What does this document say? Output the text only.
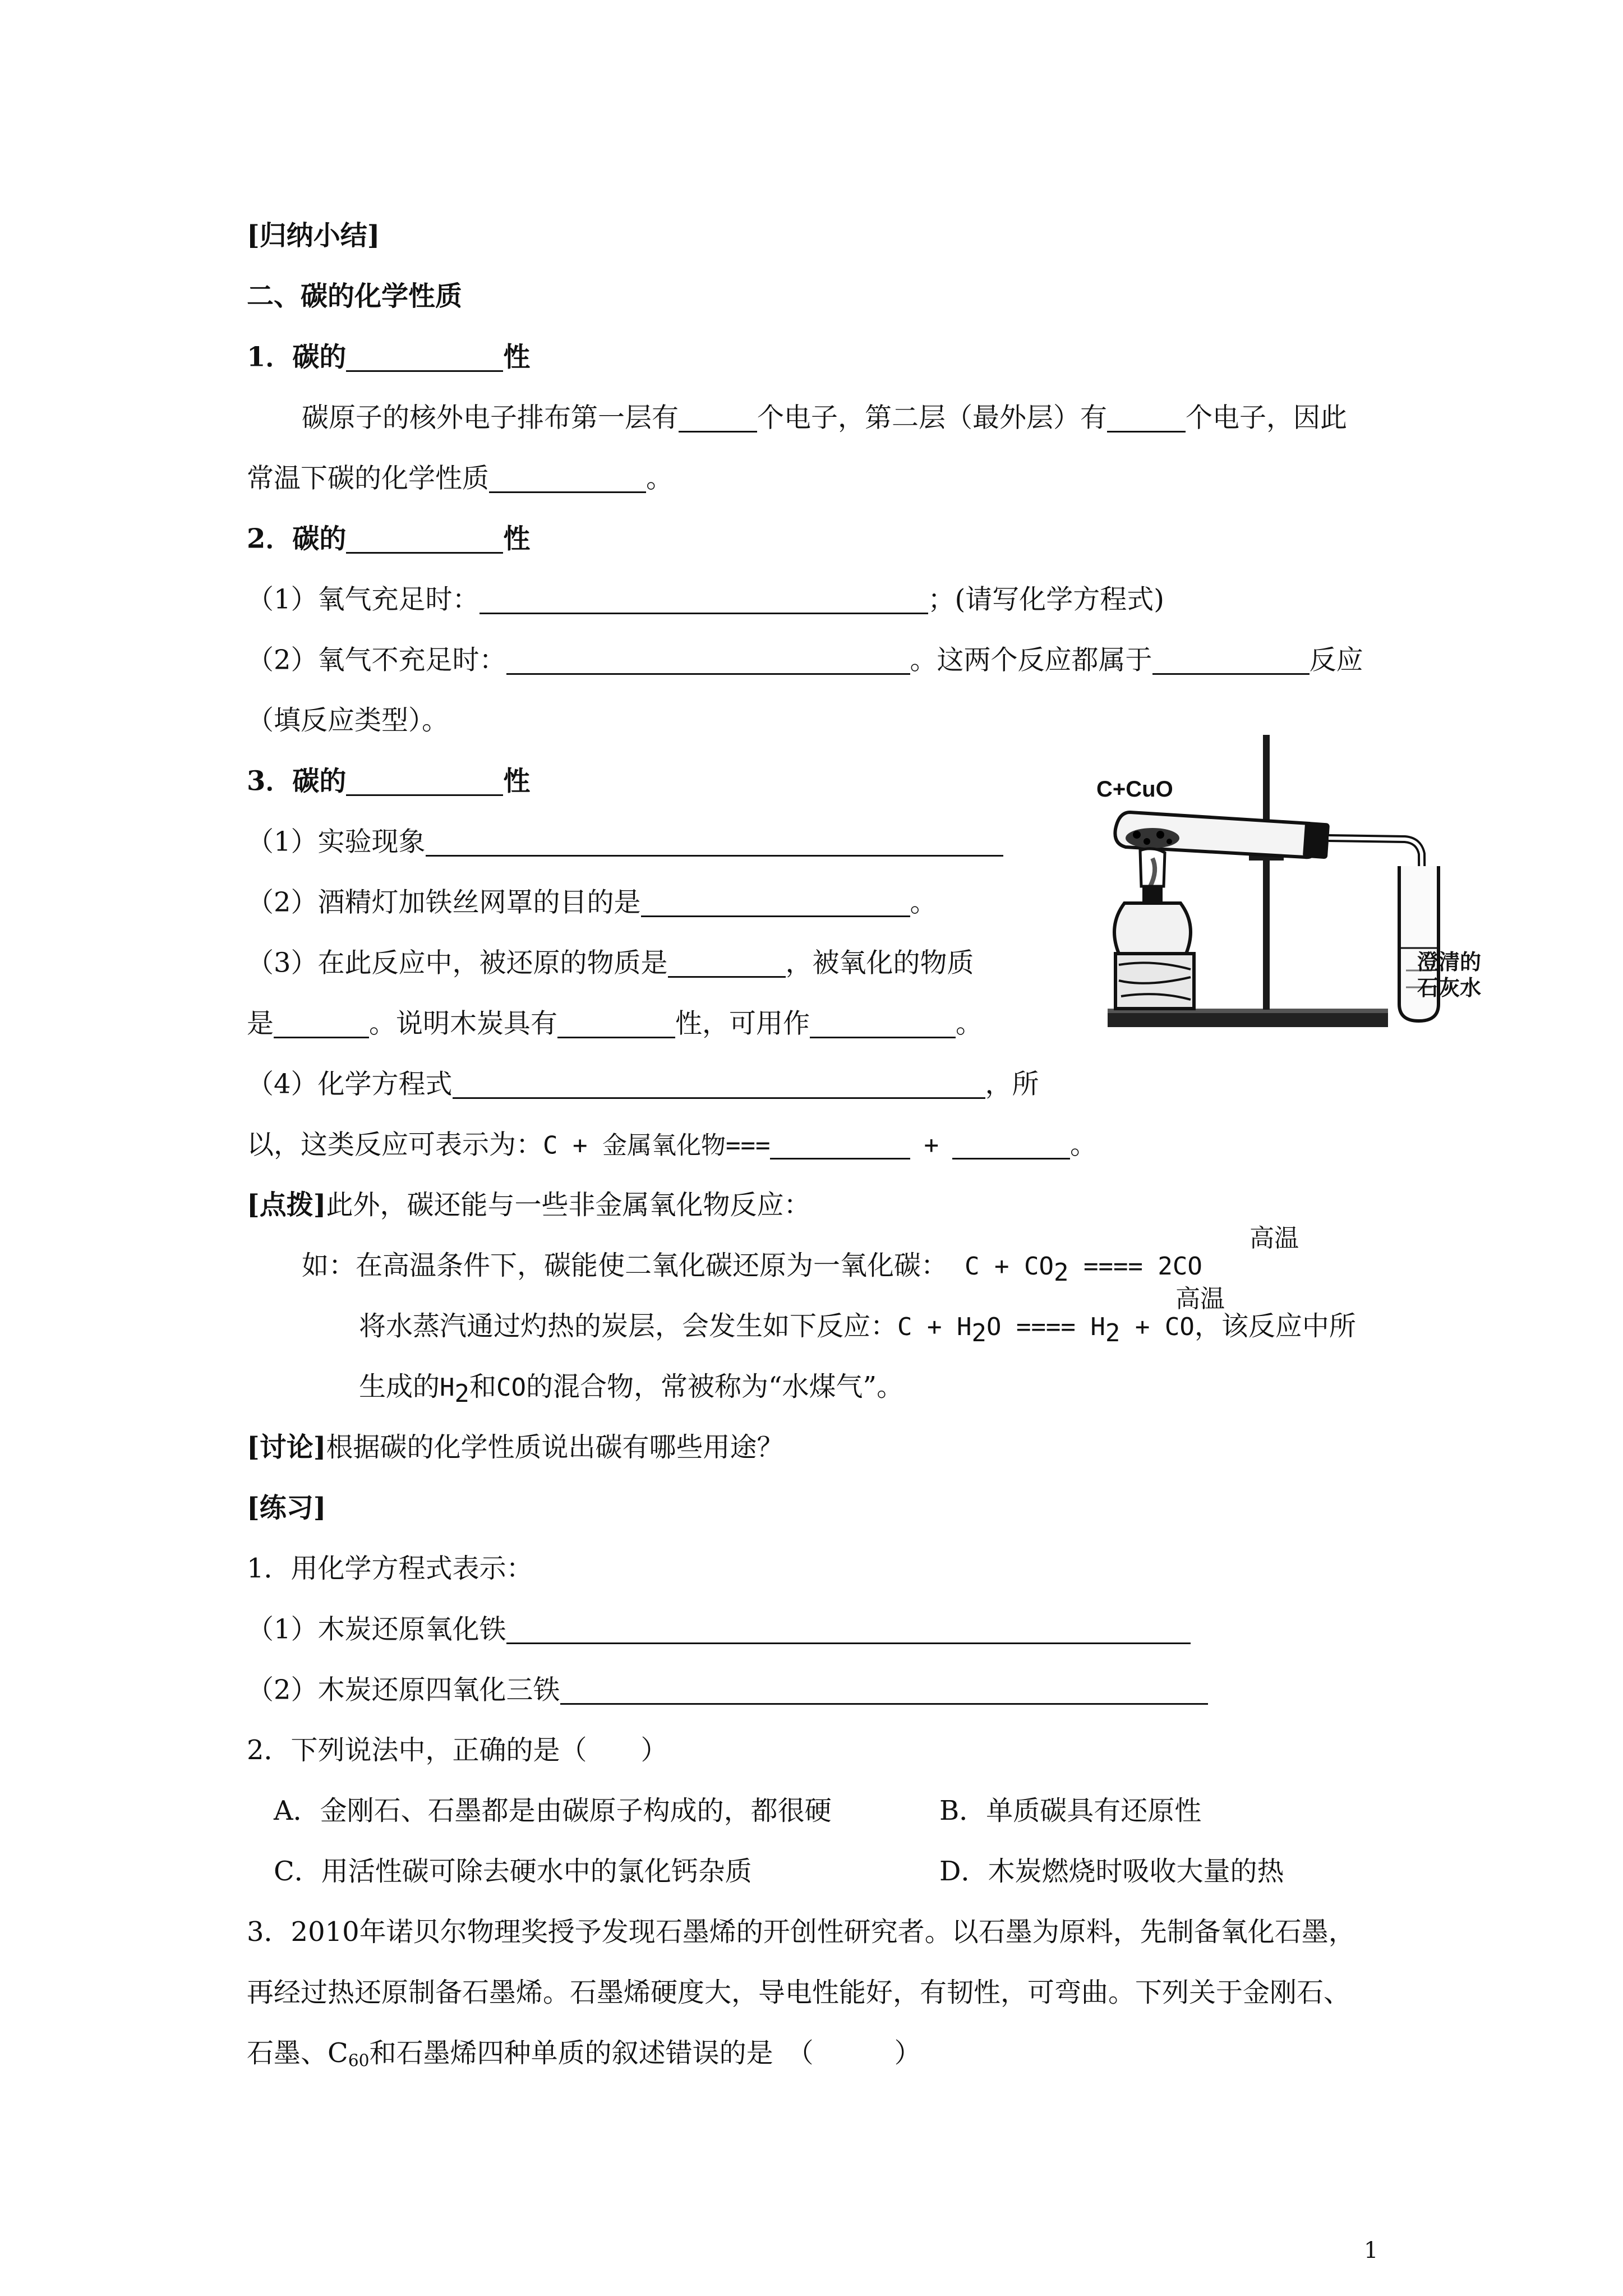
[归纳小结]
二、碳的化学性质
1．碳的	性
碳原子的核外电子排布第一层有	个电子，第二层（最外层）有	个电子，因此
常温下碳的化学性质	。
2．碳的	性
（1）氧气充足时：	；(请写化学方程式)
（2）氧气不充足时：	。这两个反应都属于	反应
（填反应类型）。
3．碳的	性
（1）实验现象
（2）酒精灯加铁丝网罩的目的是	。
（3）在此反应中，被还原的物质是	，被氧化的物质
是	。说明木炭具有	性，可用作	。
（4）化学方程式	，所
以，这类反应可表示为：C + 金属氧化物===	+	。
C+CuO
澄清的
石灰水
[点拨]此外，碳还能与一些非金属氧化物反应：
高温
如：在高温条件下，碳能使二氧化碳还原为一氧化碳： $C + CO_2$ ==== 2CO
高温
将水蒸汽通过灼热的炭层，会发生如下反应：$C + H_2O$ ==== $H_2$ + CO，该反应中所
生成的$H_2$和CO的混合物，常被称为“水煤气”。
[讨论]根据碳的化学性质说出碳有哪些用途？
[练习]
1．用化学方程式表示：
（1）木炭还原氧化铁
（2）木炭还原四氧化三铁
2．下列说法中，正确的是（　　）
A．金刚石、石墨都是由碳原子构成的，都很硬	B．单质碳具有还原性
C．用活性碳可除去硬水中的氯化钙杂质	D．木炭燃烧时吸收大量的热
3．2010年诺贝尔物理奖授予发现石墨烯的开创性研究者。以石墨为原料，先制备氧化石墨，
再经过热还原制备石墨烯。石墨烯硬度大，导电性能好，有韧性，可弯曲。下列关于金刚石、
石墨、$C_{60}$和石墨烯四种单质的叙述错误的是　（　　　）
1
